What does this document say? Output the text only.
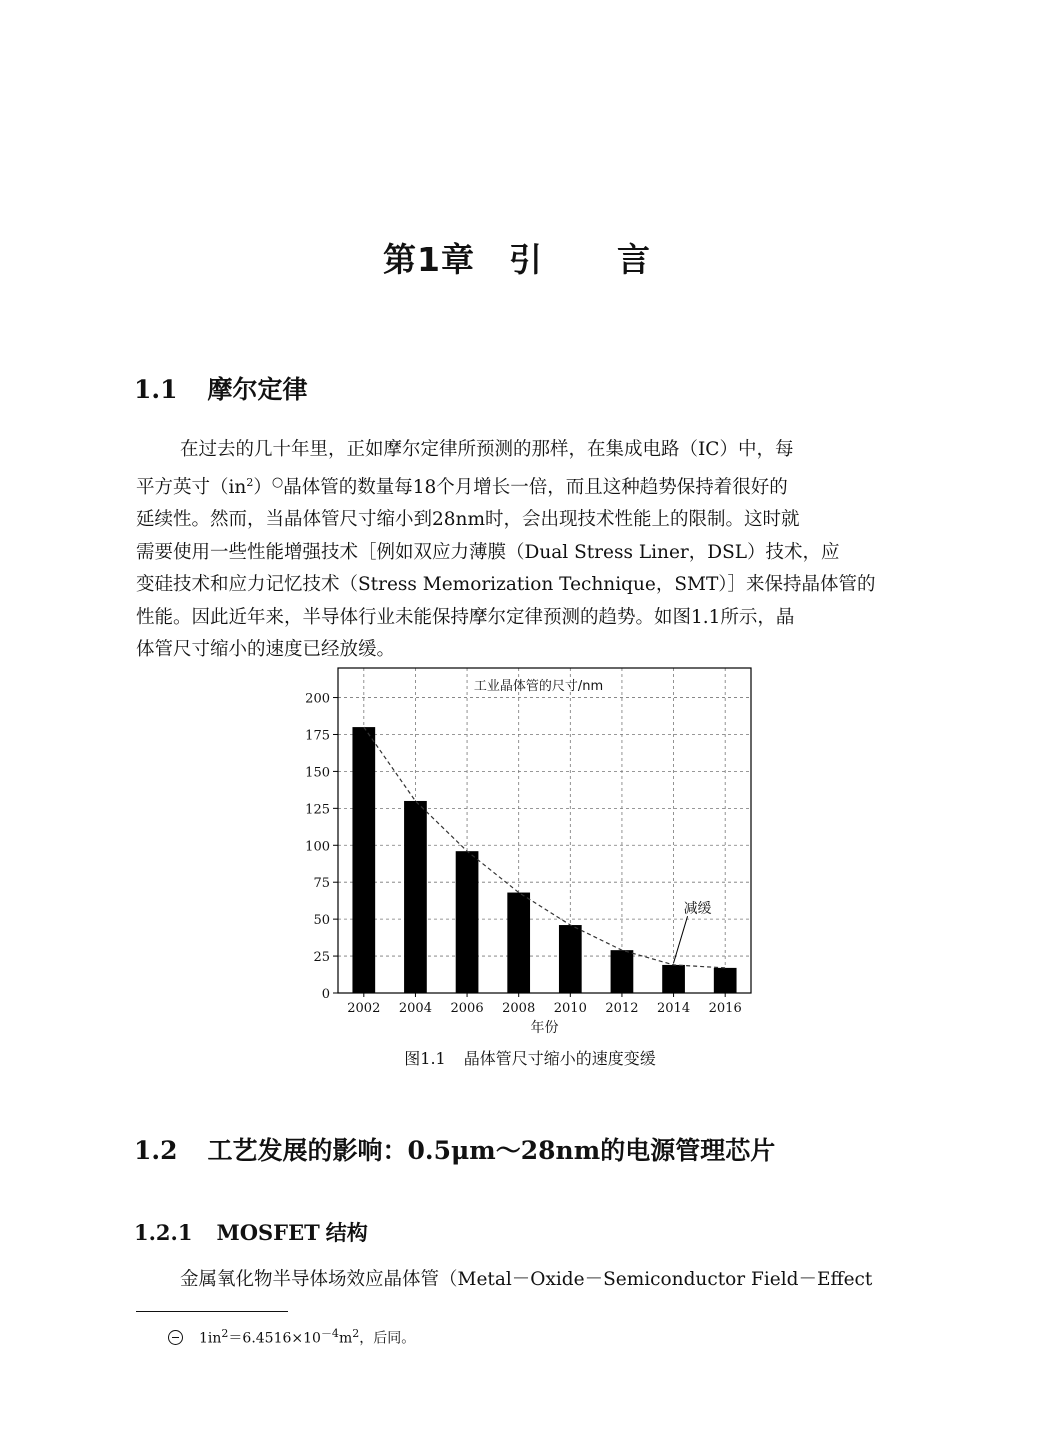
第1章 引 言
1.1 摩尔定律
在过去的几十年里，正如摩尔定律所预测的那样，在集成电路（IC）中，每
平方英寸$(in^2)^○$晶体管的数量每18个月增长一倍，而且这种趋势保持着很好的
延续性。然而，当晶体管尺寸缩小到28nm时，会出现技术性能上的限制。这时就
需要使用一些性能增强技术［例如双应力薄膜（Dual Stress Liner，DSL）技术，应
变硅技术和应力记忆技术（Stress Memorization Technique，SMT）］来保持晶体管的
性能。因此近年来，半导体行业未能保持摩尔定律预测的趋势。如图1.1所示，晶
体管尺寸缩小的速度已经放缓。
0
25
50
75
100
125
150
175
200
2002 2004 2006 2008 2010 2012 2014 2016
年份
工业晶体管的尺寸/nm
减缓
图1.1 晶体管尺寸缩小的速度变缓
1.2 工艺发展的影响：0.5μm～28nm的电源管理芯片
1.2.1 MOSFET 结构
金属氧化物半导体场效应晶体管（Metal－Oxide－Semiconductor Field－Effect
$1in^2=6.4516\times 10^{-4}m^2$，后同。
